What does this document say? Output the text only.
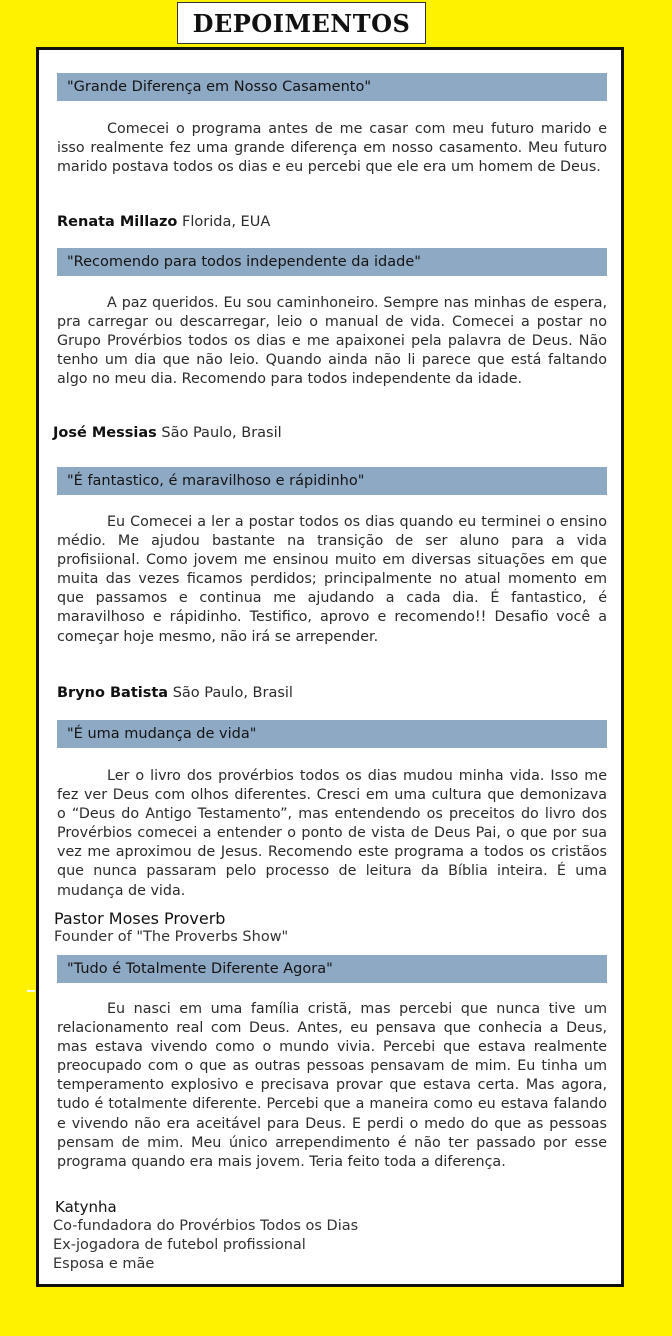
DEPOIMENTOS
"Grande Diferença em Nosso Casamento"
Comecei o programa antes de me casar com meu futuro marido e isso realmente fez uma grande diferença em nosso casamento. Meu futuro marido postava todos os dias e eu percebi que ele era um homem de Deus.
Renata Millazo Florida, EUA
"Recomendo para todos independente da idade"
A paz queridos. Eu sou caminhoneiro. Sempre nas minhas de espera, pra carregar ou descarregar, leio o manual de vida. Comecei a postar no Grupo Provérbios todos os dias e me apaixonei pela palavra de Deus. Não tenho um dia que não leio. Quando ainda não li parece que está faltando algo no meu dia. Recomendo para todos independente da idade.
José Messias São Paulo, Brasil
"É fantastico, é maravilhoso e rápidinho"
Eu Comecei a ler a postar todos os dias quando eu terminei o ensino médio. Me ajudou bastante na transição de ser aluno para a vida profisiional. Como jovem me ensinou muito em diversas situações em que muita das vezes ficamos perdidos; principalmente no atual momento em que passamos e continua me ajudando a cada dia. É fantastico, é maravilhoso e rápidinho. Testifico, aprovo e recomendo!! Desafio você a começar hoje mesmo, não irá se arrepender.
Bryno Batista São Paulo, Brasil
"É uma mudança de vida"
Ler o livro dos provérbios todos os dias mudou minha vida. Isso me fez ver Deus com olhos diferentes. Cresci em uma cultura que demonizava o “Deus do Antigo Testamento”, mas entendendo os preceitos do livro dos Provérbios comecei a entender o ponto de vista de Deus Pai, o que por sua vez me aproximou de Jesus. Recomendo este programa a todos os cristãos que nunca passaram pelo processo de leitura da Bíblia inteira. É uma mudança de vida.
Pastor Moses Proverb
Founder of "The Proverbs Show"
"Tudo é Totalmente Diferente Agora"
Eu nasci em uma família cristã, mas percebi que nunca tive um relacionamento real com Deus. Antes, eu pensava que conhecia a Deus, mas estava vivendo como o mundo vivia. Percebi que estava realmente preocupado com o que as outras pessoas pensavam de mim. Eu tinha um temperamento explosivo e precisava provar que estava certa. Mas agora, tudo é totalmente diferente. Percebi que a maneira como eu estava falando e vivendo não era aceitável para Deus. E perdi o medo do que as pessoas pensam de mim. Meu único arrependimento é não ter passado por esse programa quando era mais jovem. Teria feito toda a diferença.
Katynha
Co-fundadora do Provérbios Todos os Dias
Ex-jogadora de futebol profissional
Esposa e mãe
